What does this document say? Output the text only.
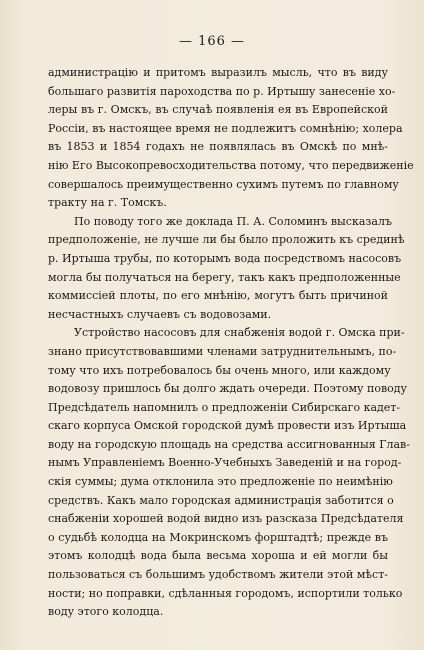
— 166 —

администрацію и притомъ выразилъ мысль, что въ виду
большаго развитія пароходства по р. Иртышу занесеніе хо-
леры въ г. Омскъ, въ случаѣ появленія ея въ Европейской
Россіи, въ настоящее время не подлежитъ сомнѣнію; холера
въ 1853 и 1854 годахъ не появлялась въ Омскѣ по мнѣ-
нію Его Высокопревосходительства потому, что передвиженіе
совершалось преимущественно сухимъ путемъ по главному
тракту на г. Томскъ.

По поводу того же доклада П. А. Соломинъ высказалъ
предположеніе, не лучше ли бы было проложить къ срединѣ
р. Иртыша трубы, по которымъ вода посредствомъ насосовъ
могла бы получаться на берегу, такъ какъ предположенные
коммиссіей плоты, по его мнѣнію, могутъ быть причиной
несчастныхъ случаевъ съ водовозами.

Устройство насосовъ для снабженія водой г. Омска при-
знано присутствовавшими членами затруднительнымъ, по-
тому что ихъ потребовалось бы очень много, или каждому
водовозу пришлось бы долго ждать очереди. Поэтому поводу
Предсѣдатель напомнилъ о предложеніи Сибирскаго кадет-
скаго корпуса Омской городской думѣ провести изъ Иртыша
воду на городскую площадь на средства ассигнованныя Глав-
нымъ Управленіемъ Военно-Учебныхъ Заведеній и на город-
скія суммы; дума отклонила это предложеніе по неимѣнію
средствъ. Какъ мало городская администрація заботится о
снабженіи хорошей водой видно изъ разсказа Предсѣдателя
о судьбѣ колодца на Мокринскомъ форштадтѣ; прежде въ
этомъ колодцѣ вода была весьма хороша и ей могли бы
пользоваться съ большимъ удобствомъ жители этой мѣст-
ности; но поправки, сдѣланныя городомъ, испортили только
воду этого колодца.
